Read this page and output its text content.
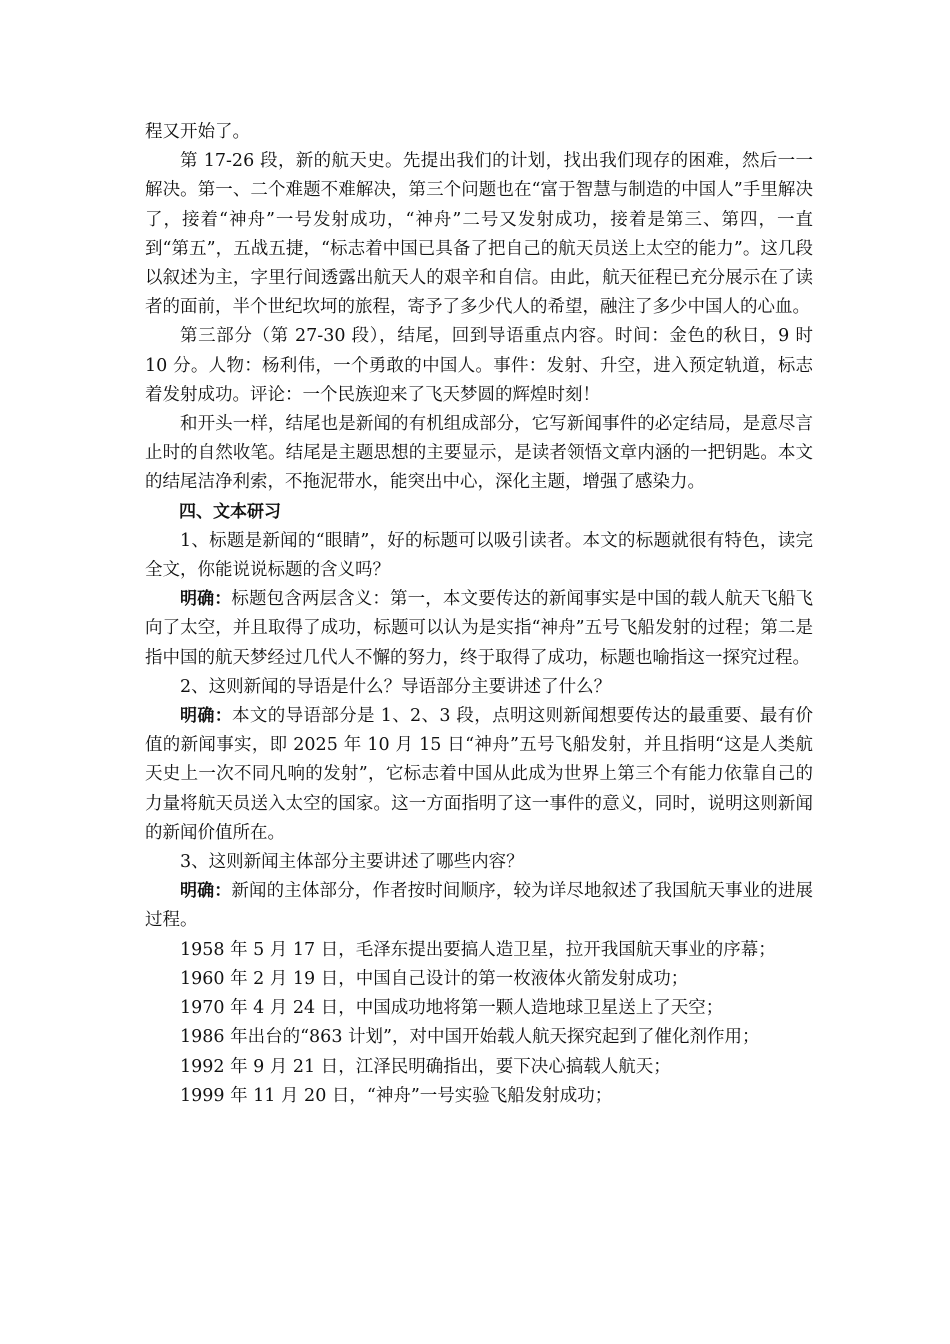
程又开始了。

第 17-26 段，新的航天史。先提出我们的计划，找出我们现存的困难，然后一一解决。第一、二个难题不难解决，第三个问题也在“富于智慧与制造的中国人”手里解决了，接着“神舟”一号发射成功，“神舟”二号又发射成功，接着是第三、第四，一直到“第五”，五战五捷，“标志着中国已具备了把自己的航天员送上太空的能力”。这几段以叙述为主，字里行间透露出航天人的艰辛和自信。由此，航天征程已充分展示在了读者的面前，半个世纪坎坷的旅程，寄予了多少代人的希望，融注了多少中国人的心血。

第三部分（第 27-30 段），结尾，回到导语重点内容。时间：金色的秋日，9 时 10 分。人物：杨利伟，一个勇敢的中国人。事件：发射、升空，进入预定轨道，标志着发射成功。评论：一个民族迎来了飞天梦圆的辉煌时刻！

和开头一样，结尾也是新闻的有机组成部分，它写新闻事件的必定结局，是意尽言止时的自然收笔。结尾是主题思想的主要显示，是读者领悟文章内涵的一把钥匙。本文的结尾洁净利索，不拖泥带水，能突出中心，深化主题，增强了感染力。

四、文本研习

1、标题是新闻的“眼睛”，好的标题可以吸引读者。本文的标题就很有特色，读完全文，你能说说标题的含义吗？

明确：标题包含两层含义：第一，本文要传达的新闻事实是中国的载人航天飞船飞向了太空，并且取得了成功，标题可以认为是实指“神舟”五号飞船发射的过程；第二是指中国的航天梦经过几代人不懈的努力，终于取得了成功，标题也喻指这一探究过程。

2、这则新闻的导语是什么？导语部分主要讲述了什么？

明确：本文的导语部分是 1、2、3 段，点明这则新闻想要传达的最重要、最有价值的新闻事实，即 2025 年 10 月 15 日“神舟”五号飞船发射，并且指明“这是人类航天史上一次不同凡响的发射”，它标志着中国从此成为世界上第三个有能力依靠自己的力量将航天员送入太空的国家。这一方面指明了这一事件的意义，同时，说明这则新闻的新闻价值所在。

3、这则新闻主体部分主要讲述了哪些内容？

明确：新闻的主体部分，作者按时间顺序，较为详尽地叙述了我国航天事业的进展过程。

1958 年 5 月 17 日，毛泽东提出要搞人造卫星，拉开我国航天事业的序幕；

1960 年 2 月 19 日，中国自己设计的第一枚液体火箭发射成功；

1970 年 4 月 24 日，中国成功地将第一颗人造地球卫星送上了天空；

1986 年出台的“863 计划”，对中国开始载人航天探究起到了催化剂作用；

1992 年 9 月 21 日，江泽民明确指出，要下决心搞载人航天；

1999 年 11 月 20 日，“神舟”一号实验飞船发射成功；
